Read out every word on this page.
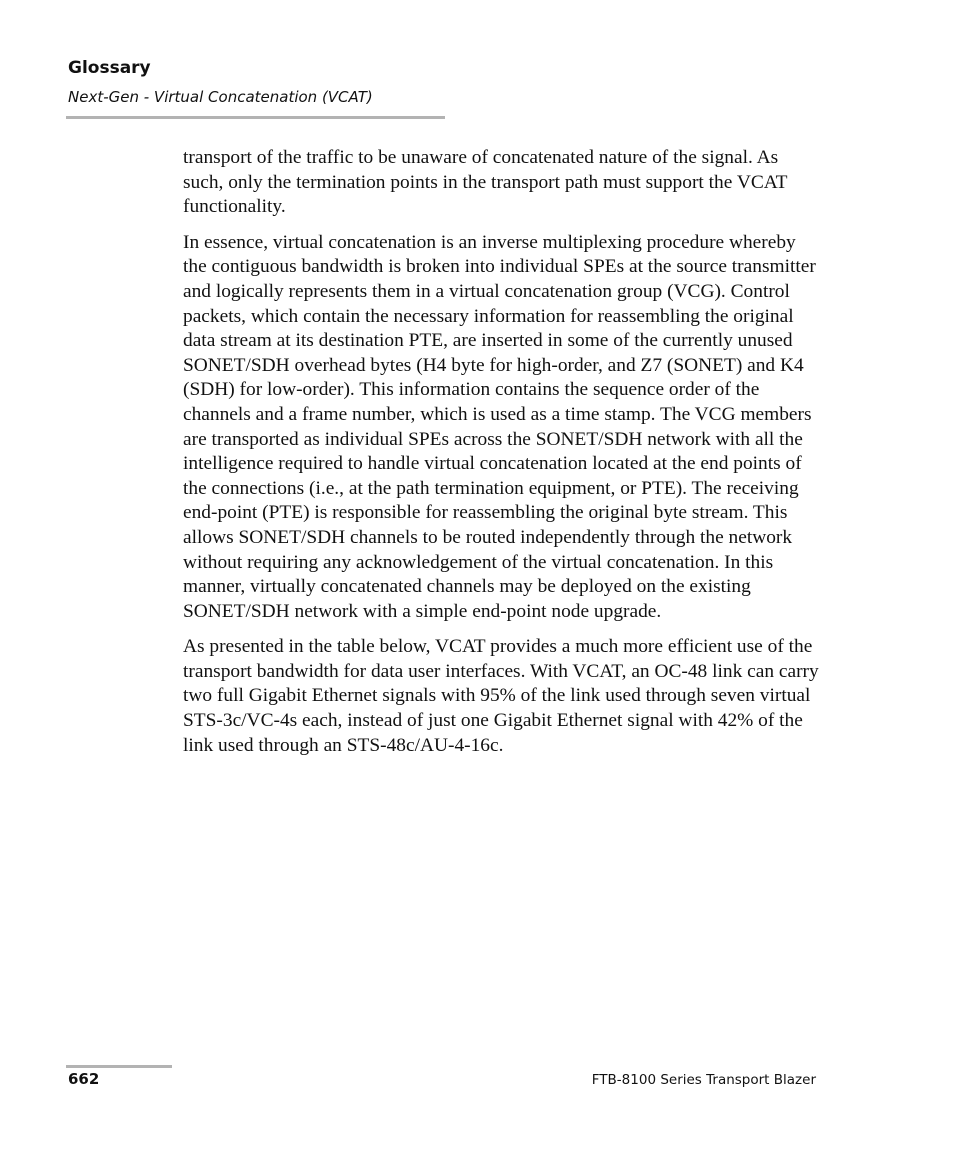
Glossary
Next-Gen - Virtual Concatenation (VCAT)

transport of the traffic to be unaware of concatenated nature of the signal. As such, only the termination points in the transport path must support the VCAT functionality.

In essence, virtual concatenation is an inverse multiplexing procedure whereby the contiguous bandwidth is broken into individual SPEs at the source transmitter and logically represents them in a virtual concatenation group (VCG). Control packets, which contain the necessary information for reassembling the original data stream at its destination PTE, are inserted in some of the currently unused SONET/SDH overhead bytes (H4 byte for high-order, and Z7 (SONET) and K4 (SDH) for low-order). This information contains the sequence order of the channels and a frame number, which is used as a time stamp. The VCG members are transported as individual SPEs across the SONET/SDH network with all the intelligence required to handle virtual concatenation located at the end points of the connections (i.e., at the path termination equipment, or PTE). The receiving end-point (PTE) is responsible for reassembling the original byte stream. This allows SONET/SDH channels to be routed independently through the network without requiring any acknowledgement of the virtual concatenation. In this manner, virtually concatenated channels may be deployed on the existing SONET/SDH network with a simple end-point node upgrade.

As presented in the table below, VCAT provides a much more efficient use of the transport bandwidth for data user interfaces. With VCAT, an OC-48 link can carry two full Gigabit Ethernet signals with 95% of the link used through seven virtual STS-3c/VC-4s each, instead of just one Gigabit Ethernet signal with 42% of the link used through an STS-48c/AU-4-16c.

662	FTB-8100 Series Transport Blazer
